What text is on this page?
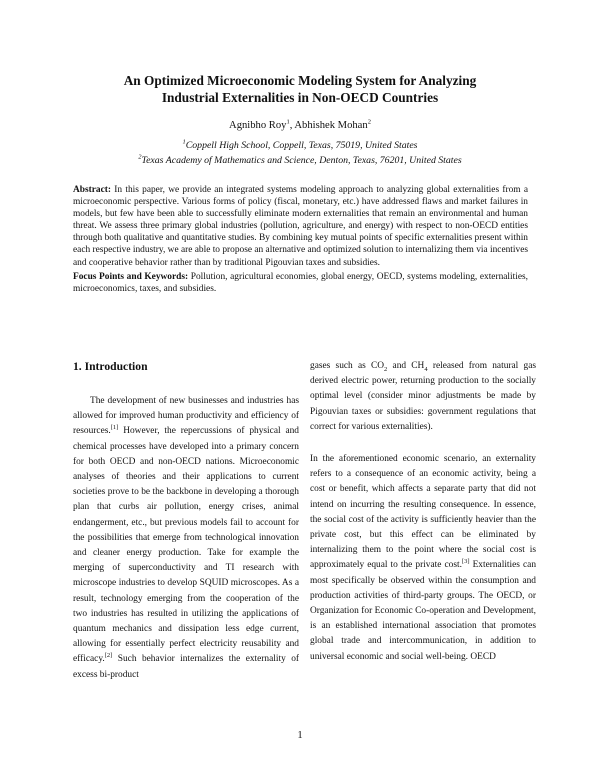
An Optimized Microeconomic Modeling System for Analyzing
Industrial Externalities in Non-OECD Countries
Agnibho Roy$^1$, Abhishek Mohan$^2$
$^1$Coppell High School, Coppell, Texas, 75019, United States
$^2$Texas Academy of Mathematics and Science, Denton, Texas, 76201, United States
Abstract: In this paper, we provide an integrated systems modeling approach to analyzing global externalities from a microeconomic perspective. Various forms of policy (fiscal, monetary, etc.) have addressed flaws and market failures in models, but few have been able to successfully eliminate modern externalities that remain an environmental and human threat. We assess three primary global industries (pollution, agriculture, and energy) with respect to non-OECD entities through both qualitative and quantitative studies. By combining key mutual points of specific externalities present within each respective industry, we are able to propose an alternative and optimized solution to internalizing them via incentives and cooperative behavior rather than by traditional Pigouvian taxes and subsidies.
Focus Points and Keywords: Pollution, agricultural economies, global energy, OECD, systems modeling, externalities, microeconomics, taxes, and subsidies.
1. Introduction

The development of new businesses and industries has allowed for improved human productivity and efficiency of resources.[1] However, the repercussions of physical and chemical processes have developed into a primary concern for both OECD and non-OECD nations. Microeconomic analyses of theories and their applications to current societies prove to be the backbone in developing a thorough plan that curbs air pollution, energy crises, animal endangerment, etc., but previous models fail to account for the possibilities that emerge from technological innovation and cleaner energy production. Take for example the merging of superconductivity and TI research with microscope industries to develop SQUID microscopes. As a result, technology emerging from the cooperation of the two industries has resulted in utilizing the applications of quantum mechanics and dissipation less edge current, allowing for essentially perfect electricity reusability and efficacy.[2] Such behavior internalizes the externality of excess bi-product

gases such as $CO_2$ and $CH_4$ released from natural gas derived electric power, returning production to the socially optimal level (consider minor adjustments be made by Pigouvian taxes or subsidies: government regulations that correct for various externalities).

In the aforementioned economic scenario, an externality refers to a consequence of an economic activity, being a cost or benefit, which affects a separate party that did not intend on incurring the resulting consequence. In essence, the social cost of the activity is sufficiently heavier than the private cost, but this effect can be eliminated by internalizing them to the point where the social cost is approximately equal to the private cost.[3] Externalities can most specifically be observed within the consumption and production activities of third-party groups. The OECD, or Organization for Economic Co-operation and Development, is an established international association that promotes global trade and intercommunication, in addition to universal economic and social well-being. OECD

1
